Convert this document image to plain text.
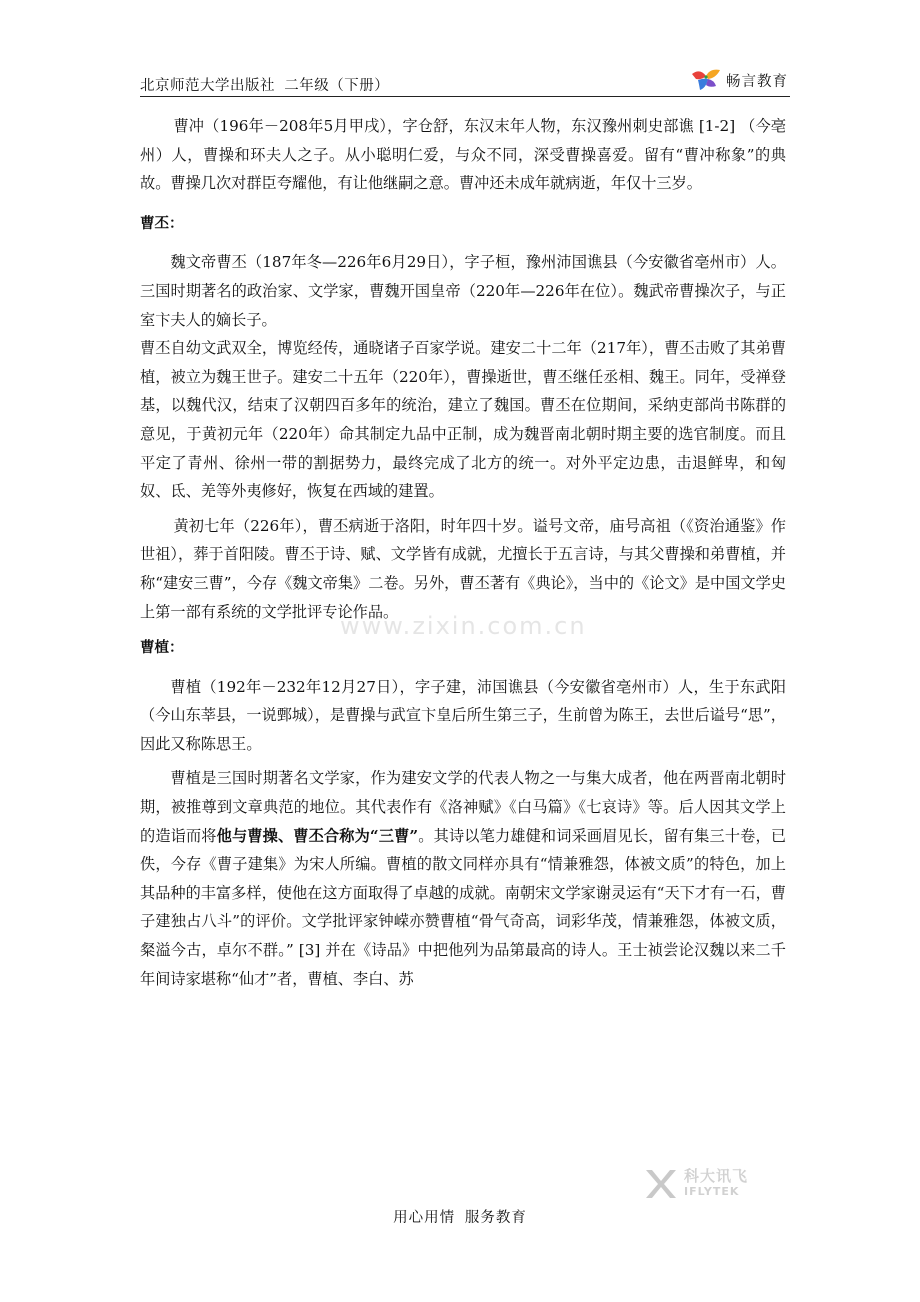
北京师范大学出版社 二年级（下册）	畅言教育

曹冲（196年－208年5月甲戌），字仓舒，东汉末年人物，东汉豫州刺史部谯 [1-2] （今亳州）人，曹操和环夫人之子。从小聪明仁爱，与众不同，深受曹操喜爱。留有“曹冲称象”的典故。曹操几次对群臣夸耀他，有让他继嗣之意。曹冲还未成年就病逝，年仅十三岁。

曹丕：

魏文帝曹丕（187年冬—226年6月29日），字子桓，豫州沛国谯县（今安徽省亳州市）人。三国时期著名的政治家、文学家，曹魏开国皇帝（220年—226年在位）。魏武帝曹操次子，与正室卞夫人的嫡长子。

曹丕自幼文武双全，博览经传，通晓诸子百家学说。建安二十二年（217年），曹丕击败了其弟曹植，被立为魏王世子。建安二十五年（220年），曹操逝世，曹丕继任丞相、魏王。同年，受禅登基，以魏代汉，结束了汉朝四百多年的统治，建立了魏国。曹丕在位期间，采纳吏部尚书陈群的意见，于黄初元年（220年）命其制定九品中正制，成为魏晋南北朝时期主要的选官制度。而且平定了青州、徐州一带的割据势力，最终完成了北方的统一。对外平定边患，击退鲜卑，和匈奴、氐、羌等外夷修好，恢复在西域的建置。

黄初七年（226年），曹丕病逝于洛阳，时年四十岁。谥号文帝，庙号高祖（《资治通鉴》作世祖），葬于首阳陵。曹丕于诗、赋、文学皆有成就，尤擅长于五言诗，与其父曹操和弟曹植，并称“建安三曹”，今存《魏文帝集》二卷。另外，曹丕著有《典论》，当中的《论文》是中国文学史上第一部有系统的文学批评专论作品。

曹植：

曹植（192年－232年12月27日），字子建，沛国谯县（今安徽省亳州市）人，生于东武阳（今山东莘县，一说鄄城），是曹操与武宣卞皇后所生第三子，生前曾为陈王，去世后谥号“思”，因此又称陈思王。

曹植是三国时期著名文学家，作为建安文学的代表人物之一与集大成者，他在两晋南北朝时期，被推尊到文章典范的地位。其代表作有《洛神赋》《白马篇》《七哀诗》等。后人因其文学上的造诣而将他与曹操、曹丕合称为“三曹”。其诗以笔力雄健和词采画眉见长，留有集三十卷，已佚，今存《曹子建集》为宋人所编。曹植的散文同样亦具有“情兼雅怨，体被文质”的特色，加上其品种的丰富多样，使他在这方面取得了卓越的成就。南朝宋文学家谢灵运有“天下才有一石，曹子建独占八斗”的评价。文学批评家钟嵘亦赞曹植“骨气奇高，词彩华茂，情兼雅怨，体被文质，粲溢今古，卓尔不群。” [3] 并在《诗品》中把他列为品第最高的诗人。王士祯尝论汉魏以来二千年间诗家堪称“仙才”者，曹植、李白、苏

www.zixin.com.cn
科大讯飞
IFLYTEK
用心用情 服务教育
